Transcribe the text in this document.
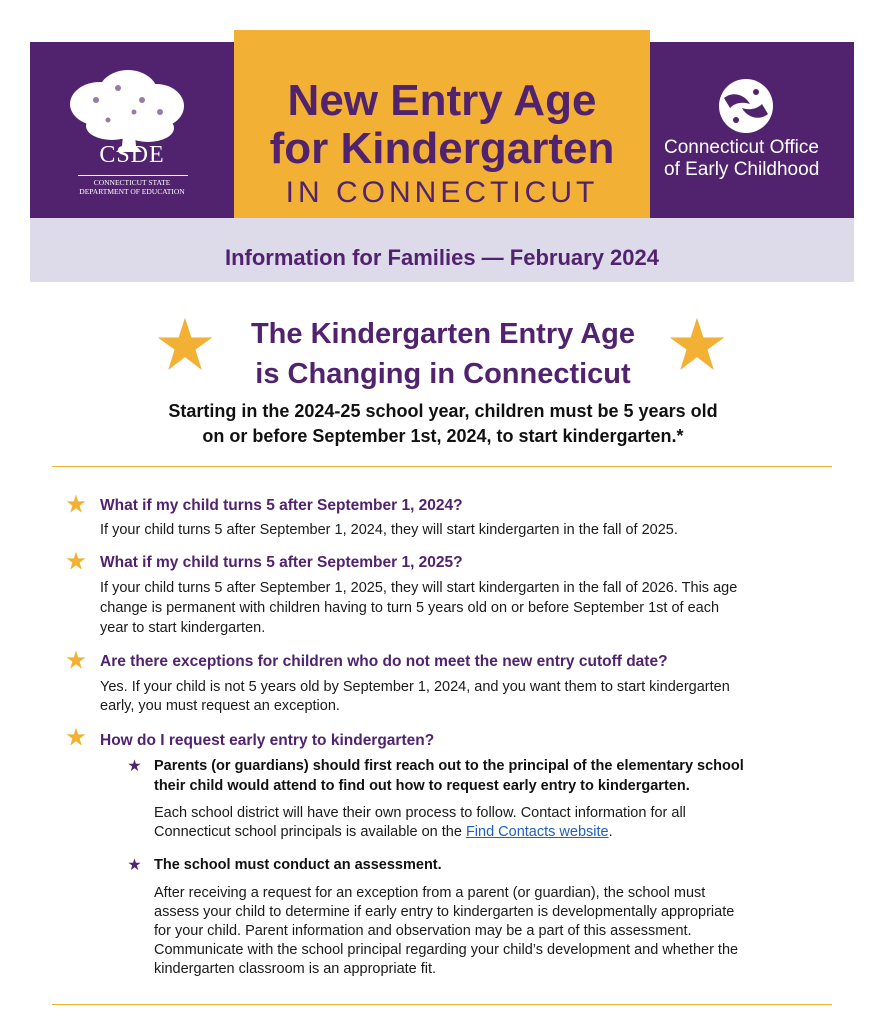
CSDE
CONNECTICUT STATE
DEPARTMENT OF EDUCATION
New Entry Age
for Kindergarten
IN CONNECTICUT
Connecticut Office
of Early Childhood
Information for Families — February 2024
The Kindergarten Entry Age
is Changing in Connecticut
Starting in the 2024-25 school year, children must be 5 years old
on or before September 1st, 2024, to start kindergarten.*
What if my child turns 5 after September 1, 2024?
If your child turns 5 after September 1, 2024, they will start kindergarten in the fall of 2025.
What if my child turns 5 after September 1, 2025?
If your child turns 5 after September 1, 2025, they will start kindergarten in the fall of 2026. This age
change is permanent with children having to turn 5 years old on or before September 1st of each
year to start kindergarten.
Are there exceptions for children who do not meet the new entry cutoff date?
Yes. If your child is not 5 years old by September 1, 2024, and you want them to start kindergarten
early, you must request an exception.
How do I request early entry to kindergarten?
Parents (or guardians) should first reach out to the principal of the elementary school
their child would attend to find out how to request early entry to kindergarten.
Each school district will have their own process to follow. Contact information for all
Connecticut school principals is available on the Find Contacts website.
The school must conduct an assessment.
After receiving a request for an exception from a parent (or guardian), the school must
assess your child to determine if early entry to kindergarten is developmentally appropriate
for your child. Parent information and observation may be a part of this assessment.
Communicate with the school principal regarding your child’s development and whether the
kindergarten classroom is an appropriate fit.
